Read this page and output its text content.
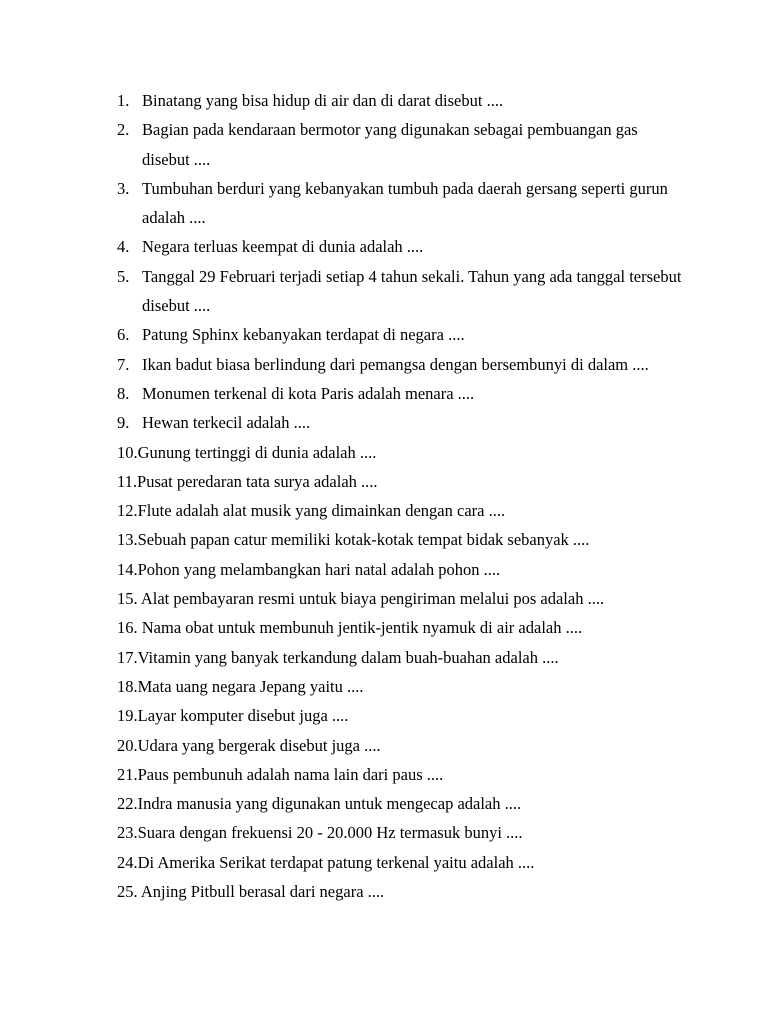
1. Binatang yang bisa hidup di air dan di darat disebut ....
2. Bagian pada kendaraan bermotor yang digunakan sebagai pembuangan gas disebut ....
3. Tumbuhan berduri yang kebanyakan tumbuh pada daerah gersang seperti gurun adalah ....
4. Negara terluas keempat di dunia adalah ....
5. Tanggal 29 Februari terjadi setiap 4 tahun sekali. Tahun yang ada tanggal tersebut disebut ....
6. Patung Sphinx kebanyakan terdapat di negara ....
7. Ikan badut biasa berlindung dari pemangsa dengan bersembunyi di dalam ....
8. Monumen terkenal di kota Paris adalah menara ....
9. Hewan terkecil adalah ....
10. Gunung tertinggi di dunia adalah ....
11. Pusat peredaran tata surya adalah ....
12. Flute adalah alat musik yang dimainkan dengan cara ....
13. Sebuah papan catur memiliki kotak-kotak tempat bidak sebanyak ....
14. Pohon yang melambangkan hari natal adalah pohon ....
15. Alat pembayaran resmi untuk biaya pengiriman melalui pos adalah ....
16. Nama obat untuk membunuh jentik-jentik nyamuk di air adalah ....
17. Vitamin yang banyak terkandung dalam buah-buahan adalah ....
18. Mata uang negara Jepang yaitu ....
19. Layar komputer disebut juga ....
20. Udara yang bergerak disebut juga ....
21. Paus pembunuh adalah nama lain dari paus ....
22. Indra manusia yang digunakan untuk mengecap adalah ....
23. Suara dengan frekuensi 20 - 20.000 Hz termasuk bunyi ....
24. Di Amerika Serikat terdapat patung terkenal yaitu adalah ....
25. Anjing Pitbull berasal dari negara ....
